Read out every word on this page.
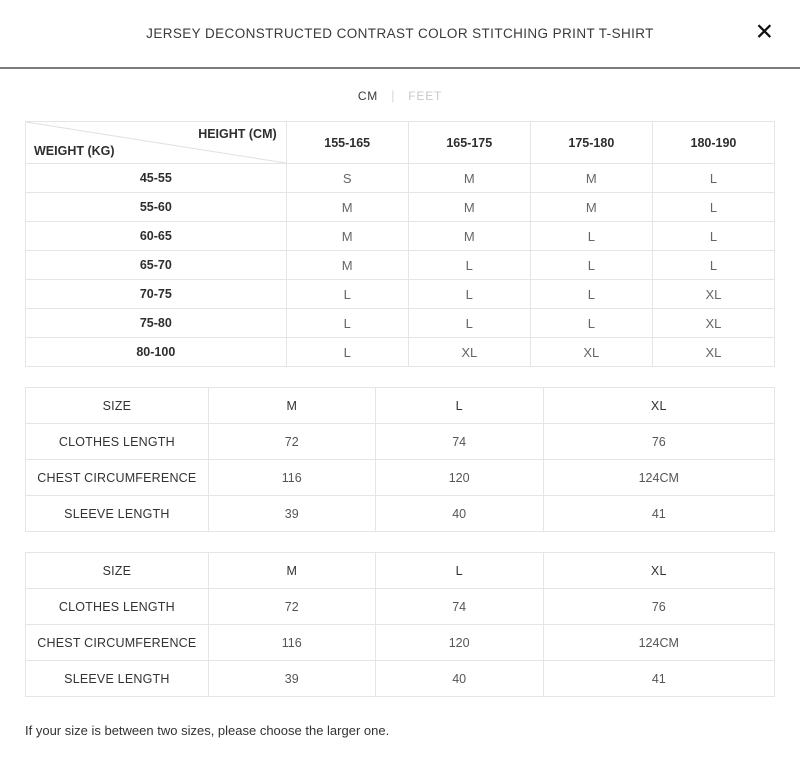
JERSEY DECONSTRUCTED CONTRAST COLOR STITCHING PRINT T-SHIRT	✕
CM | FEET
HEIGHT (CM)
WEIGHT (KG)	155-165	165-175	175-180	180-190
45-55	S	M	M	L
55-60	M	M	M	L
60-65	M	M	L	L
65-70	M	L	L	L
70-75	L	L	L	XL
75-80	L	L	L	XL
80-100	L	XL	XL	XL
SIZE	M	L	XL
CLOTHES LENGTH	72	74	76
CHEST CIRCUMFERENCE	116	120	124CM
SLEEVE LENGTH	39	40	41
SIZE	M	L	XL
CLOTHES LENGTH	72	74	76
CHEST CIRCUMFERENCE	116	120	124CM
SLEEVE LENGTH	39	40	41
If your size is between two sizes, please choose the larger one.
